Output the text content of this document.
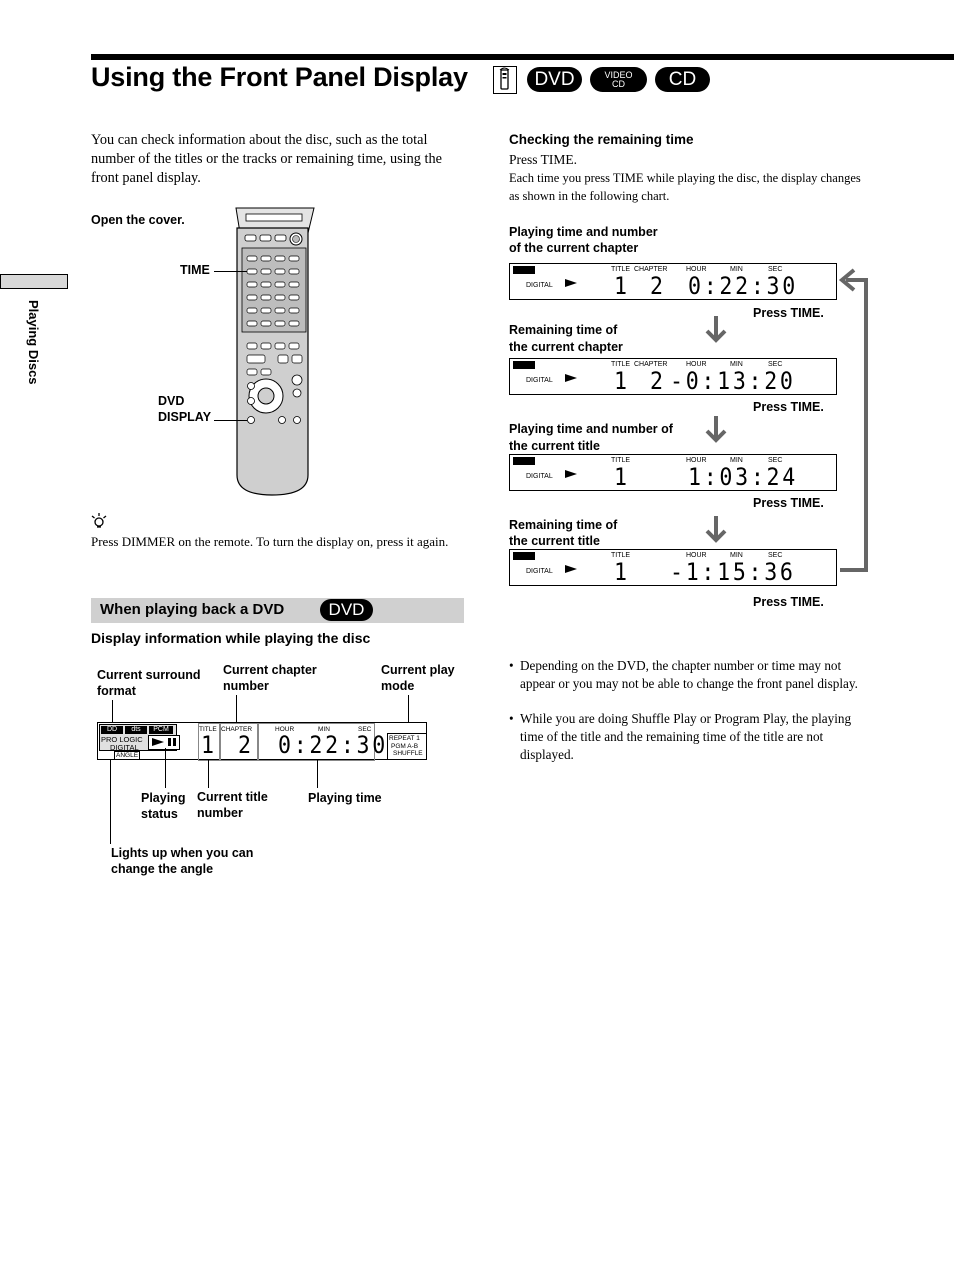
Using the Front Panel Display	DVD	VIDEO CD	CD
Playing Discs
You can check information about the disc, such as the total number of the titles or the tracks or remaining time, using the front panel display.
Open the cover.
TIME
DVD
DISPLAY
Press DIMMER on the remote. To turn the display on, press it again.
When playing back a DVD	DVD
Display information while playing the disc
Current surround
format
Current chapter
number
Current play
mode
DD	dts	PCM
PRO LOGIC
DIGITAL
ANGLE
TITLE
1
CHAPTER
2
HOUR	MIN	SEC
0:22:30 REPEAT 1
PGM A-B
SHUFFLE
Playing
status
Current title
number
Playing time
Lights up when you can
change the angle
Checking the remaining time
Press TIME.
Each time you press TIME while playing the disc, the display changes as shown in the following chart.
Playing time and number
of the current chapter
DIGITAL
TITLE CHAPTER	HOUR	MIN	SEC
1 2 0:22:30
Press TIME.
Remaining time of
the current chapter
DIGITAL
TITLE CHAPTER	HOUR	MIN	SEC
1 2 -0:13:20
Press TIME.
Playing time and number of
the current title
DIGITAL
TITLE	HOUR	MIN	SEC
1 1:03:24
Press TIME.
Remaining time of
the current title
DIGITAL
TITLE	HOUR	MIN	SEC
1 -1:15:36
Press TIME.
• Depending on the DVD, the chapter number or time may not appear or you may not be able to change the front panel display.
• While you are doing Shuffle Play or Program Play, the playing time of the title and the remaining time of the title are not displayed.
